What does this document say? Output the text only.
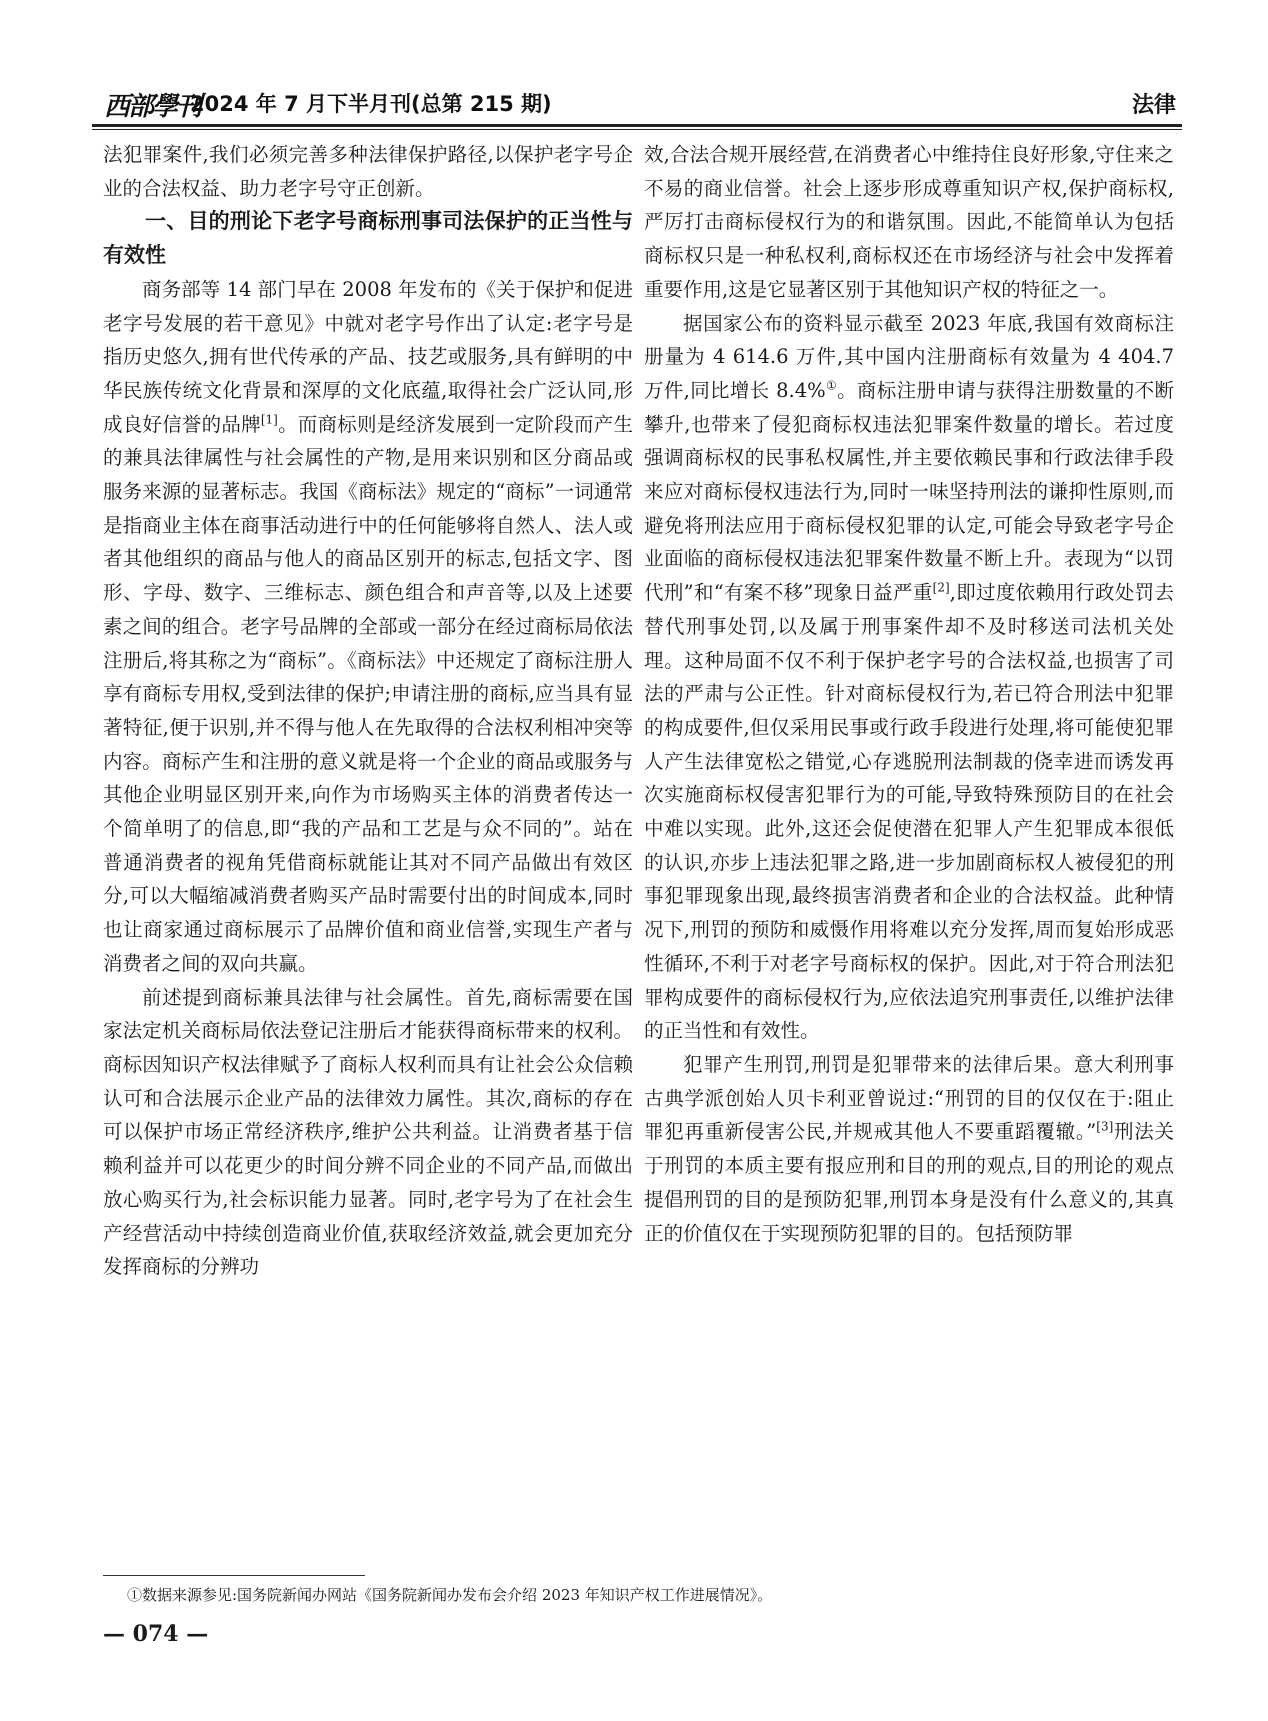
西部學刊
2024 年 7 月下半月刊(总第 215 期)	法律

法犯罪案件,我们必须完善多种法律保护路径,以保护老字号企业的合法权益、助力老字号守正创新。

一、目的刑论下老字号商标刑事司法保护的正当性与有效性

商务部等 14 部门早在 2008 年发布的《关于保护和促进老字号发展的若干意见》中就对老字号作出了认定:老字号是指历史悠久,拥有世代传承的产品、技艺或服务,具有鲜明的中华民族传统文化背景和深厚的文化底蕴,取得社会广泛认同,形成良好信誉的品牌[1]。而商标则是经济发展到一定阶段而产生的兼具法律属性与社会属性的产物,是用来识别和区分商品或服务来源的显著标志。我国《商标法》规定的“商标”一词通常是指商业主体在商事活动进行中的任何能够将自然人、法人或者其他组织的商品与他人的商品区别开的标志,包括文字、图形、字母、数字、三维标志、颜色组合和声音等,以及上述要素之间的组合。老字号品牌的全部或一部分在经过商标局依法注册后,将其称之为“商标”。《商标法》中还规定了商标注册人享有商标专用权,受到法律的保护;申请注册的商标,应当具有显著特征,便于识别,并不得与他人在先取得的合法权利相冲突等内容。商标产生和注册的意义就是将一个企业的商品或服务与其他企业明显区别开来,向作为市场购买主体的消费者传达一个简单明了的信息,即“我的产品和工艺是与众不同的”。站在普通消费者的视角凭借商标就能让其对不同产品做出有效区分,可以大幅缩减消费者购买产品时需要付出的时间成本,同时也让商家通过商标展示了品牌价值和商业信誉,实现生产者与消费者之间的双向共赢。

前述提到商标兼具法律与社会属性。首先,商标需要在国家法定机关商标局依法登记注册后才能获得商标带来的权利。商标因知识产权法律赋予了商标人权利而具有让社会公众信赖认可和合法展示企业产品的法律效力属性。其次,商标的存在可以保护市场正常经济秩序,维护公共利益。让消费者基于信赖利益并可以花更少的时间分辨不同企业的不同产品,而做出放心购买行为,社会标识能力显著。同时,老字号为了在社会生产经营活动中持续创造商业价值,获取经济效益,就会更加充分发挥商标的分辨功

效,合法合规开展经营,在消费者心中维持住良好形象,守住来之不易的商业信誉。社会上逐步形成尊重知识产权,保护商标权,严厉打击商标侵权行为的和谐氛围。因此,不能简单认为包括商标权只是一种私权利,商标权还在市场经济与社会中发挥着重要作用,这是它显著区别于其他知识产权的特征之一。

据国家公布的资料显示截至 2023 年底,我国有效商标注册量为 4 614.6 万件,其中国内注册商标有效量为 4 404.7 万件,同比增长 8.4%①。商标注册申请与获得注册数量的不断攀升,也带来了侵犯商标权违法犯罪案件数量的增长。若过度强调商标权的民事私权属性,并主要依赖民事和行政法律手段来应对商标侵权违法行为,同时一味坚持刑法的谦抑性原则,而避免将刑法应用于商标侵权犯罪的认定,可能会导致老字号企业面临的商标侵权违法犯罪案件数量不断上升。表现为“以罚代刑”和“有案不移”现象日益严重[2],即过度依赖用行政处罚去替代刑事处罚,以及属于刑事案件却不及时移送司法机关处理。这种局面不仅不利于保护老字号的合法权益,也损害了司法的严肃与公正性。针对商标侵权行为,若已符合刑法中犯罪的构成要件,但仅采用民事或行政手段进行处理,将可能使犯罪人产生法律宽松之错觉,心存逃脱刑法制裁的侥幸进而诱发再次实施商标权侵害犯罪行为的可能,导致特殊预防目的在社会中难以实现。此外,这还会促使潜在犯罪人产生犯罪成本很低的认识,亦步上违法犯罪之路,进一步加剧商标权人被侵犯的刑事犯罪现象出现,最终损害消费者和企业的合法权益。此种情况下,刑罚的预防和威慑作用将难以充分发挥,周而复始形成恶性循环,不利于对老字号商标权的保护。因此,对于符合刑法犯罪构成要件的商标侵权行为,应依法追究刑事责任,以维护法律的正当性和有效性。

犯罪产生刑罚,刑罚是犯罪带来的法律后果。意大利刑事古典学派创始人贝卡利亚曾说过:“刑罚的目的仅仅在于:阻止罪犯再重新侵害公民,并规戒其他人不要重蹈覆辙。”[3]刑法关于刑罚的本质主要有报应刑和目的刑的观点,目的刑论的观点提倡刑罚的目的是预防犯罪,刑罚本身是没有什么意义的,其真正的价值仅在于实现预防犯罪的目的。包括预防罪

①数据来源参见:国务院新闻办网站《国务院新闻办发布会介绍 2023 年知识产权工作进展情况》。
— 074 —
